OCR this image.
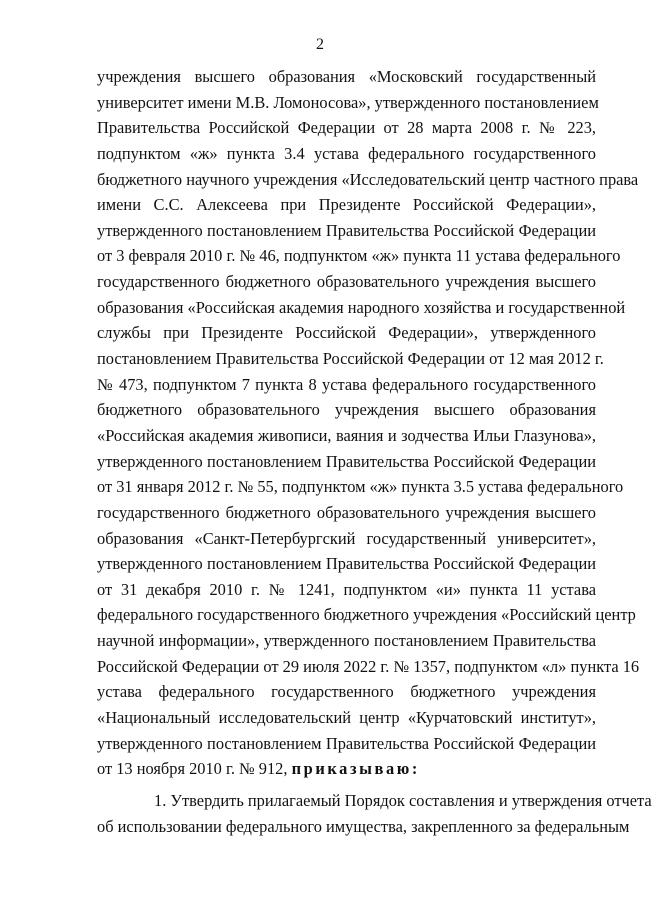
2
учреждения высшего образования «Московский государственный
университет имени М.В. Ломоносова», утвержденного постановлением
Правительства Российской Федерации от 28 марта 2008 г. № 223,
подпунктом «ж» пункта 3.4 устава федерального государственного
бюджетного научного учреждения «Исследовательский центр частного права
имени С.С. Алексеева при Президенте Российской Федерации»,
утвержденного постановлением Правительства Российской Федерации
от 3 февраля 2010 г. № 46, подпунктом «ж» пункта 11 устава федерального
государственного бюджетного образовательного учреждения высшего
образования «Российская академия народного хозяйства и государственной
службы при Президенте Российской Федерации», утвержденного
постановлением Правительства Российской Федерации от 12 мая 2012 г.
№ 473, подпунктом 7 пункта 8 устава федерального государственного
бюджетного образовательного учреждения высшего образования
«Российская академия живописи, ваяния и зодчества Ильи Глазунова»,
утвержденного постановлением Правительства Российской Федерации
от 31 января 2012 г. № 55, подпунктом «ж» пункта 3.5 устава федерального
государственного бюджетного образовательного учреждения высшего
образования «Санкт-Петербургский государственный университет»,
утвержденного постановлением Правительства Российской Федерации
от 31 декабря 2010 г. № 1241, подпунктом «и» пункта 11 устава
федерального государственного бюджетного учреждения «Российский центр
научной информации», утвержденного постановлением Правительства
Российской Федерации от 29 июля 2022 г. № 1357, подпунктом «л» пункта 16
устава федерального государственного бюджетного учреждения
«Национальный исследовательский центр «Курчатовский институт»,
утвержденного постановлением Правительства Российской Федерации
от 13 ноября 2010 г. № 912, приказываю:
1. Утвердить прилагаемый Порядок составления и утверждения отчета
об использовании федерального имущества, закрепленного за федеральным
